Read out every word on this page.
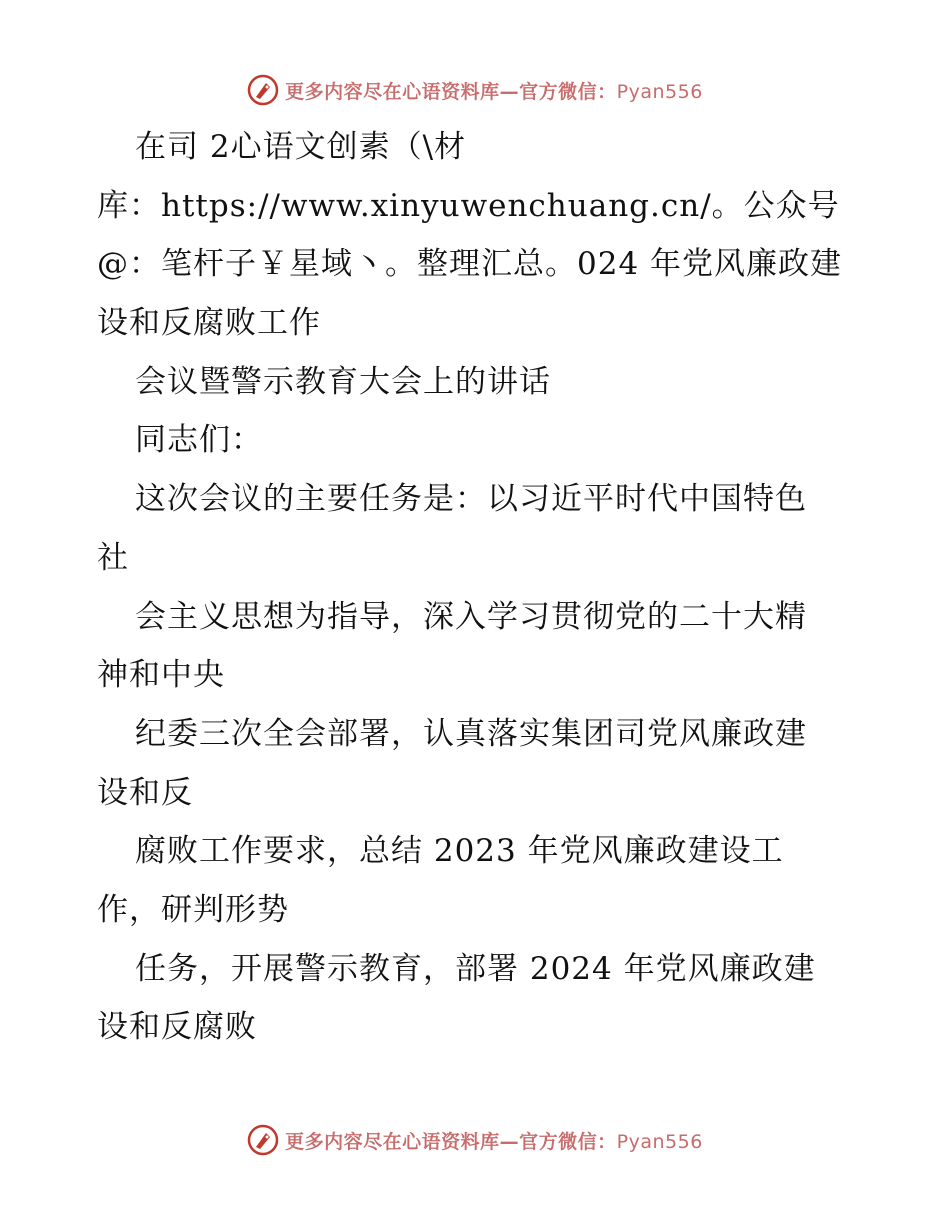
更多内容尽在心语资料库—官方微信：Pyan556
在司 2心语文创素（\材
库：https://www.xinyuwenchuang.cn/。公众号
@：笔杆子￥星域丶。整理汇总。024 年党风廉政建
设和反腐败工作
会议暨警示教育大会上的讲话
同志们：
这次会议的主要任务是：以习近平时代中国特色
社
会主义思想为指导，深入学习贯彻党的二十大精
神和中央
纪委三次全会部署，认真落实集团司党风廉政建
设和反
腐败工作要求，总结 2023 年党风廉政建设工
作，研判形势
任务，开展警示教育，部署 2024 年党风廉政建
设和反腐败
更多内容尽在心语资料库—官方微信：Pyan556
